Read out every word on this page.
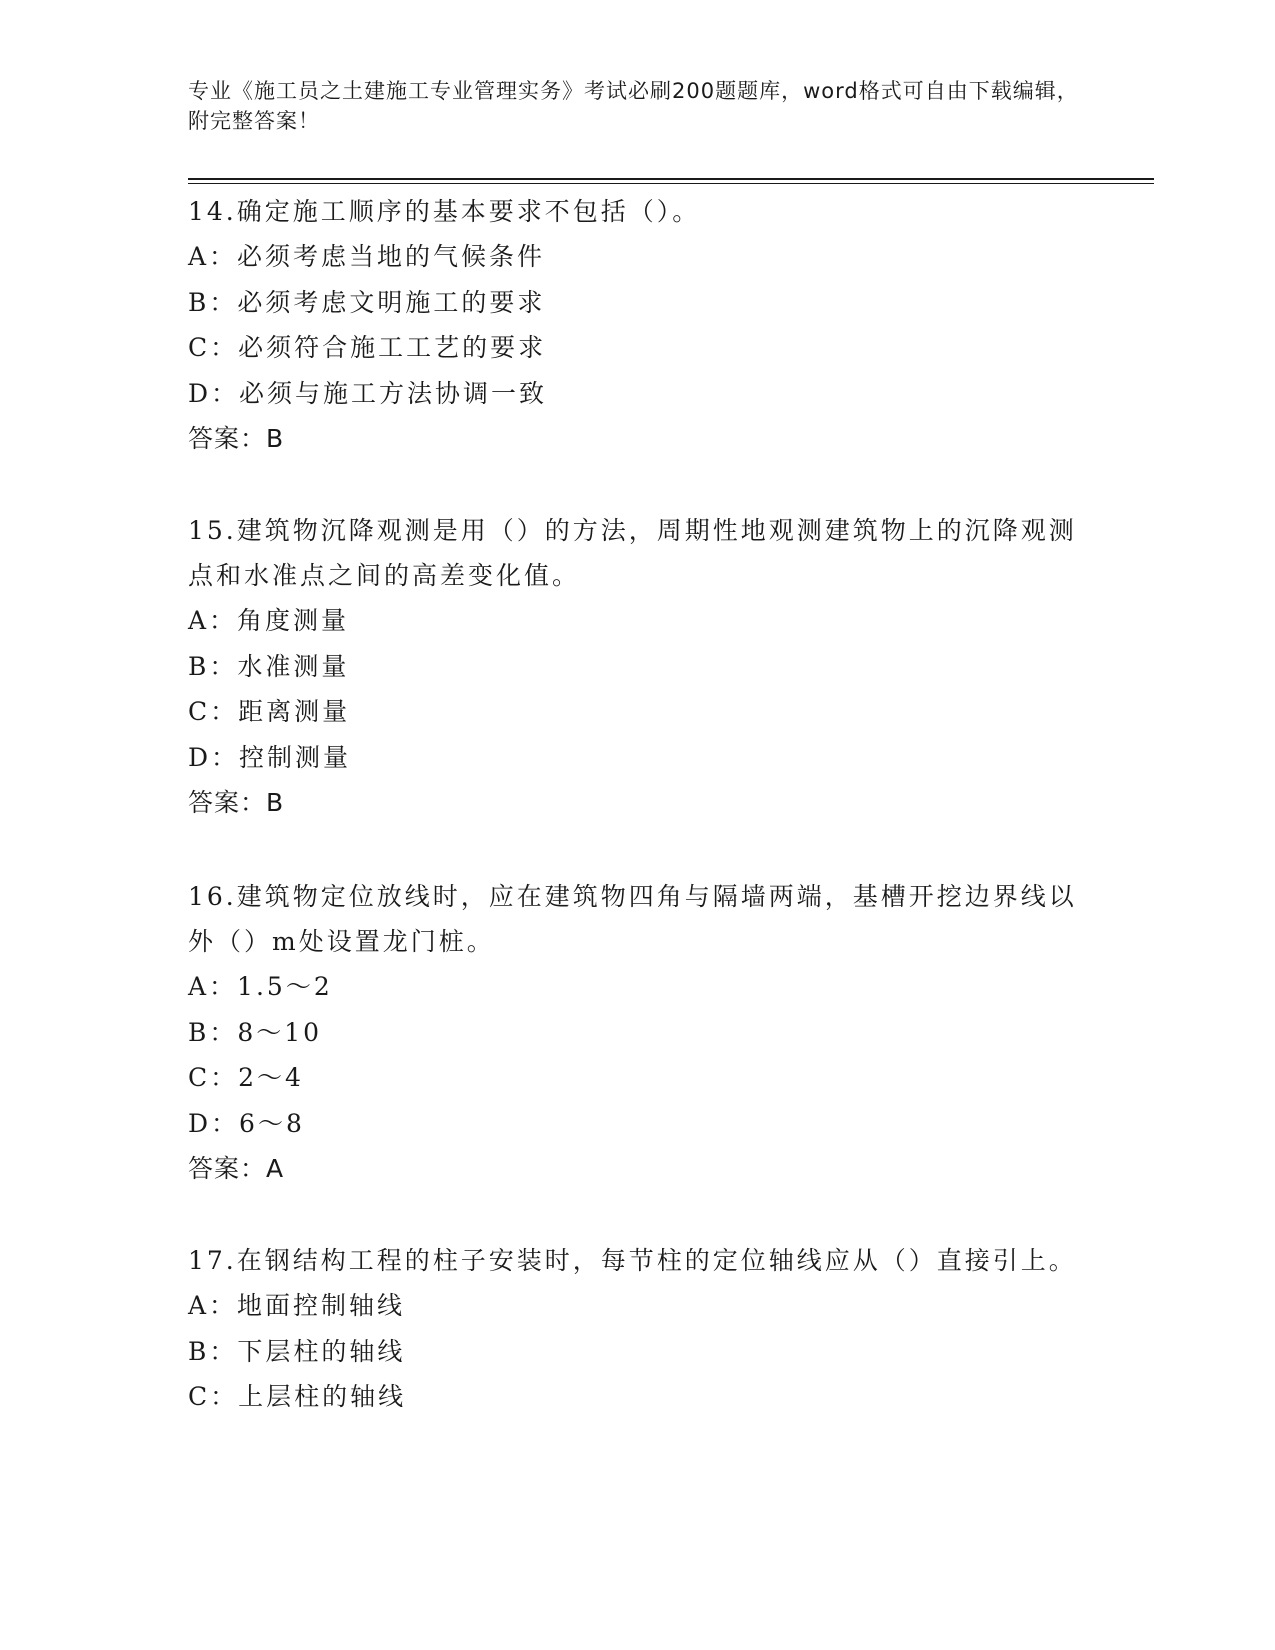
专业《施工员之土建施工专业管理实务》考试必刷200题题库，word格式可自由下载编辑，附完整答案！
14.确定施工顺序的基本要求不包括（）。
A：必须考虑当地的气候条件
B：必须考虑文明施工的要求
C：必须符合施工工艺的要求
D：必须与施工方法协调一致
答案：B
15.建筑物沉降观测是用（）的方法，周期性地观测建筑物上的沉降观测点和水准点之间的高差变化值。
A：角度测量
B：水准测量
C：距离测量
D：控制测量
答案：B
16.建筑物定位放线时，应在建筑物四角与隔墙两端，基槽开挖边界线以外（）m处设置龙门桩。
A：1.5～2
B：8～10
C：2～4
D：6～8
答案：A
17.在钢结构工程的柱子安装时，每节柱的定位轴线应从（）直接引上。
A：地面控制轴线
B：下层柱的轴线
C：上层柱的轴线
